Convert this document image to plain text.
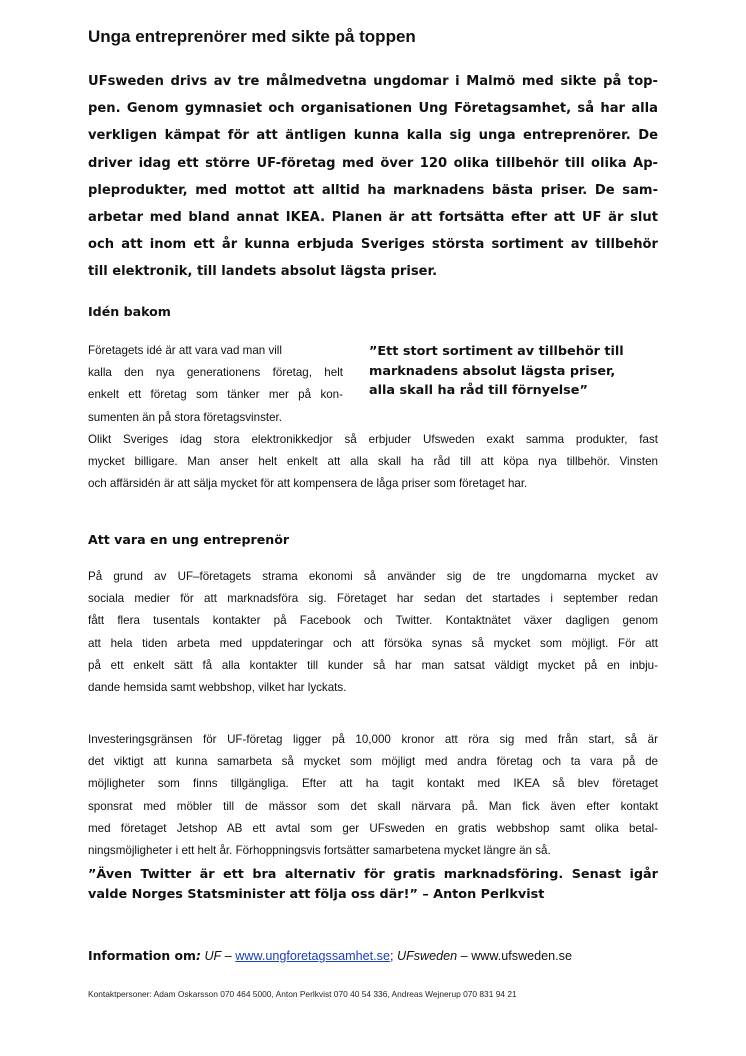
Unga entreprenörer med sikte på toppen

UFsweden drivs av tre målmedvetna ungdomar i Malmö med sikte på top-
pen. Genom gymnasiet och organisationen Ung Företagsamhet, så har alla
verkligen kämpat för att äntligen kunna kalla sig unga entreprenörer. De
driver idag ett större UF-företag med över 120 olika tillbehör till olika Ap-
pleprodukter, med mottot att alltid ha marknadens bästa priser. De sam-
arbetar med bland annat IKEA. Planen är att fortsätta efter att UF är slut
och att inom ett år kunna erbjuda Sveriges största sortiment av tillbehör
till elektronik, till landets absolut lägsta priser.

Idén bakom

Företagets idé är att vara vad man vill
kalla den nya generationens företag, helt
enkelt ett företag som tänker mer på kon-
sumenten än på stora företagsvinster.

”Ett stort sortiment av tillbehör till
marknadens absolut lägsta priser,
alla skall ha råd till förnyelse”

Olikt Sveriges idag stora elektronikkedjor så erbjuder Ufsweden exakt samma produkter, fast
mycket billigare. Man anser helt enkelt att alla skall ha råd till att köpa nya tillbehör. Vinsten
och affärsidén är att sälja mycket för att kompensera de låga priser som företaget har.

Att vara en ung entreprenör

På grund av UF–företagets strama ekonomi så använder sig de tre ungdomarna mycket av
sociala medier för att marknadsföra sig. Företaget har sedan det startades i september redan
fått flera tusentals kontakter på Facebook och Twitter. Kontaktnätet växer dagligen genom
att hela tiden arbeta med uppdateringar och att försöka synas så mycket som möjligt. För att
på ett enkelt sätt få alla kontakter till kunder så har man satsat väldigt mycket på en inbju-
dande hemsida samt webbshop, vilket har lyckats.

Investeringsgränsen för UF-företag ligger på 10,000 kronor att röra sig med från start, så är
det viktigt att kunna samarbeta så mycket som möjligt med andra företag och ta vara på de
möjligheter som finns tillgängliga. Efter att ha tagit kontakt med IKEA så blev företaget
sponsrat med möbler till de mässor som det skall närvara på. Man fick även efter kontakt
med företaget Jetshop AB ett avtal som ger UFsweden en gratis webbshop samt olika betal-
ningsmöjligheter i ett helt år. Förhoppningsvis fortsätter samarbetena mycket längre än så.

”Även Twitter är ett bra alternativ för gratis marknadsföring. Senast igår
valde Norges Statsminister att följa oss där!” – Anton Perlkvist

Information om: UF – www.ungforetagssamhet.se; UFsweden – www.ufsweden.se

Kontaktpersoner: Adam Oskarsson 070 464 5000, Anton Perlkvist 070 40 54 336, Andreas Wejnerup 070 831 94 21
